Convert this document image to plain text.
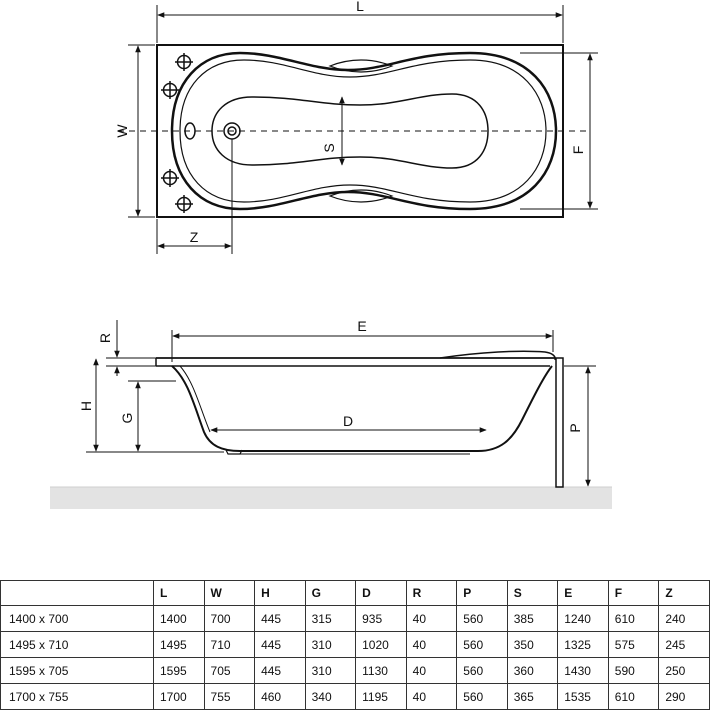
L
W
S	F
Z
R
H
G
E
D	P
	L	W	H	G	D	R	P	S	E	F	Z
1400 x 700	1400	700	445	315	935	40	560	385	1240	610	240
1495 x 710	1495	710	445	310	1020	40	560	350	1325	575	245
1595 x 705	1595	705	445	310	1130	40	560	360	1430	590	250
1700 x 755	1700	755	460	340	1195	40	560	365	1535	610	290
